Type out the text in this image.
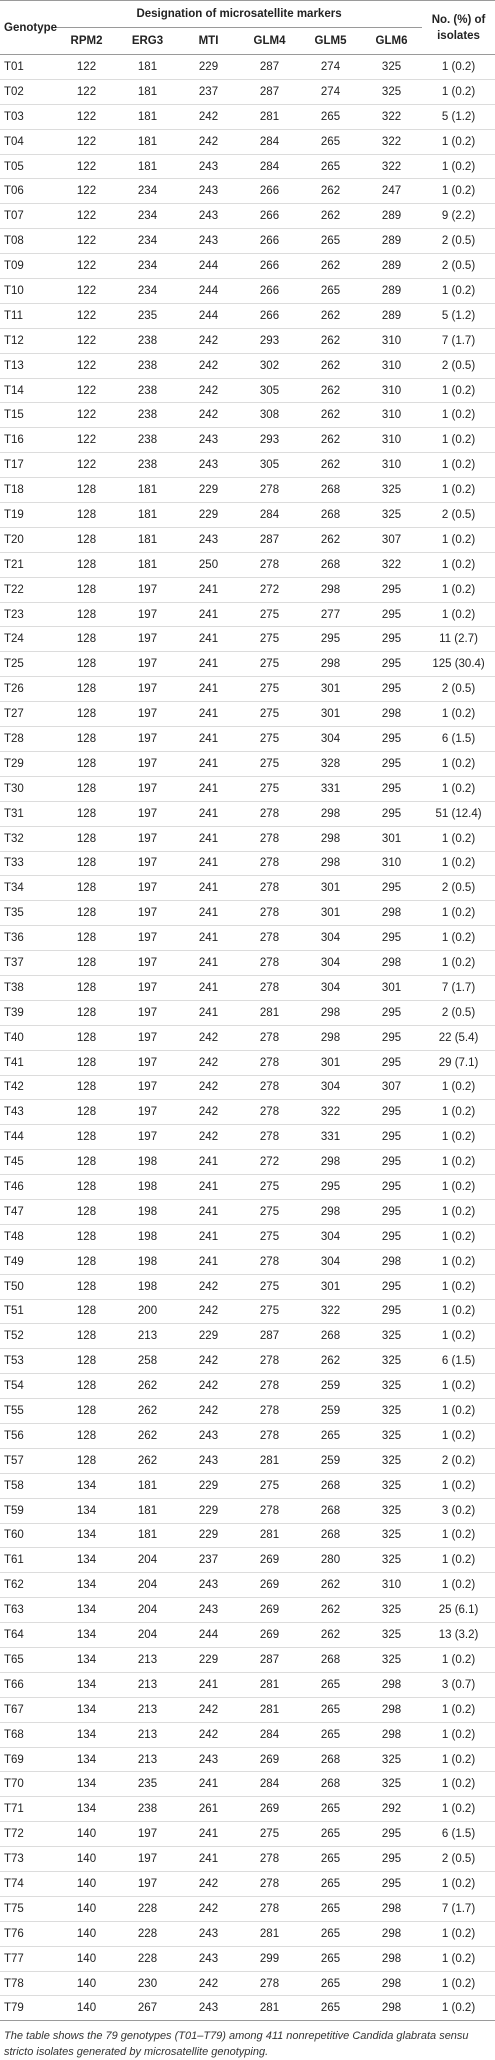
Genotype	Designation of microsatellite markers						No. (%) of
isolates
	RPM2	ERG3	MTI	GLM4	GLM5	GLM6	
T01	122	181	229	287	274	325	1 (0.2)
T02	122	181	237	287	274	325	1 (0.2)
T03	122	181	242	281	265	322	5 (1.2)
T04	122	181	242	284	265	322	1 (0.2)
T05	122	181	243	284	265	322	1 (0.2)
T06	122	234	243	266	262	247	1 (0.2)
T07	122	234	243	266	262	289	9 (2.2)
T08	122	234	243	266	265	289	2 (0.5)
T09	122	234	244	266	262	289	2 (0.5)
T10	122	234	244	266	265	289	1 (0.2)
T11	122	235	244	266	262	289	5 (1.2)
T12	122	238	242	293	262	310	7 (1.7)
T13	122	238	242	302	262	310	2 (0.5)
T14	122	238	242	305	262	310	1 (0.2)
T15	122	238	242	308	262	310	1 (0.2)
T16	122	238	243	293	262	310	1 (0.2)
T17	122	238	243	305	262	310	1 (0.2)
T18	128	181	229	278	268	325	1 (0.2)
T19	128	181	229	284	268	325	2 (0.5)
T20	128	181	243	287	262	307	1 (0.2)
T21	128	181	250	278	268	322	1 (0.2)
T22	128	197	241	272	298	295	1 (0.2)
T23	128	197	241	275	277	295	1 (0.2)
T24	128	197	241	275	295	295	11 (2.7)
T25	128	197	241	275	298	295	125 (30.4)
T26	128	197	241	275	301	295	2 (0.5)
T27	128	197	241	275	301	298	1 (0.2)
T28	128	197	241	275	304	295	6 (1.5)
T29	128	197	241	275	328	295	1 (0.2)
T30	128	197	241	275	331	295	1 (0.2)
T31	128	197	241	278	298	295	51 (12.4)
T32	128	197	241	278	298	301	1 (0.2)
T33	128	197	241	278	298	310	1 (0.2)
T34	128	197	241	278	301	295	2 (0.5)
T35	128	197	241	278	301	298	1 (0.2)
T36	128	197	241	278	304	295	1 (0.2)
T37	128	197	241	278	304	298	1 (0.2)
T38	128	197	241	278	304	301	7 (1.7)
T39	128	197	241	281	298	295	2 (0.5)
T40	128	197	242	278	298	295	22 (5.4)
T41	128	197	242	278	301	295	29 (7.1)
T42	128	197	242	278	304	307	1 (0.2)
T43	128	197	242	278	322	295	1 (0.2)
T44	128	197	242	278	331	295	1 (0.2)
T45	128	198	241	272	298	295	1 (0.2)
T46	128	198	241	275	295	295	1 (0.2)
T47	128	198	241	275	298	295	1 (0.2)
T48	128	198	241	275	304	295	1 (0.2)
T49	128	198	241	278	304	298	1 (0.2)
T50	128	198	242	275	301	295	1 (0.2)
T51	128	200	242	275	322	295	1 (0.2)
T52	128	213	229	287	268	325	1 (0.2)
T53	128	258	242	278	262	325	6 (1.5)
T54	128	262	242	278	259	325	1 (0.2)
T55	128	262	242	278	259	325	1 (0.2)
T56	128	262	243	278	265	325	1 (0.2)
T57	128	262	243	281	259	325	2 (0.2)
T58	134	181	229	275	268	325	1 (0.2)
T59	134	181	229	278	268	325	3 (0.2)
T60	134	181	229	281	268	325	1 (0.2)
T61	134	204	237	269	280	325	1 (0.2)
T62	134	204	243	269	262	310	1 (0.2)
T63	134	204	243	269	262	325	25 (6.1)
T64	134	204	244	269	262	325	13 (3.2)
T65	134	213	229	287	268	325	1 (0.2)
T66	134	213	241	281	265	298	3 (0.7)
T67	134	213	242	281	265	298	1 (0.2)
T68	134	213	242	284	265	298	1 (0.2)
T69	134	213	243	269	268	325	1 (0.2)
T70	134	235	241	284	268	325	1 (0.2)
T71	134	238	261	269	265	292	1 (0.2)
T72	140	197	241	275	265	295	6 (1.5)
T73	140	197	241	278	265	295	2 (0.5)
T74	140	197	242	278	265	295	1 (0.2)
T75	140	228	242	278	265	298	7 (1.7)
T76	140	228	243	281	265	298	1 (0.2)
T77	140	228	243	299	265	298	1 (0.2)
T78	140	230	242	278	265	298	1 (0.2)
T79	140	267	243	281	265	298	1 (0.2)
The table shows the 79 genotypes (T01–T79) among 411 nonrepetitive Candida glabrata sensu stricto isolates generated by microsatellite genotyping.
